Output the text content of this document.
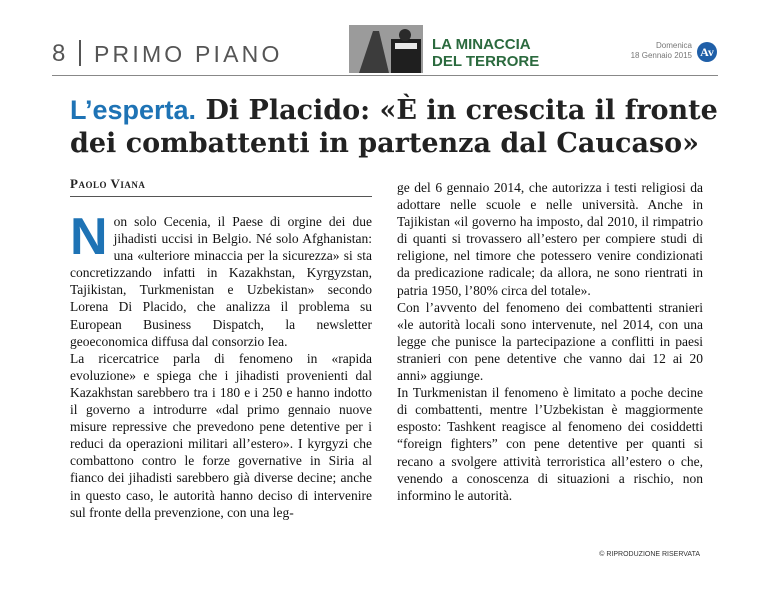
8 PRIMO PIANO	LA MINACCIA
DEL TERRORE
Domenica
18 Gennaio 2015 Av
L’esperta. Di Placido: «È in crescita il fronte dei combattenti in partenza dal Caucaso»
Paolo Viana

Non solo Cecenia, il Paese di orgine dei due jihadisti uccisi in Belgio. Né solo Afghanistan: una «ulteriore minaccia per la sicurezza» si sta concretizzando infatti in Kazakhstan, Kyrgyzstan, Tajikistan, Turkmenistan e Uzbekistan» secondo Lorena Di Placido, che analizza il problema su European Business Dispatch, la newsletter geoeconomica diffusa dal consorzio Iea.

La ricercatrice parla di fenomeno in «rapida evoluzione» e spiega che i jihadisti provenienti dal Kazakhstan sarebbero tra i 180 e i 250 e hanno indotto il governo a introdurre «dal primo gennaio nuove misure repressive che prevedono pene detentive per i reduci da operazioni militari all’estero». I kyrgyzi che combattono contro le forze governative in Siria al fianco dei jihadisti sarebbero già diverse decine; anche in questo caso, le autorità hanno deciso di intervenire sul fronte della prevenzione, con una leg-

ge del 6 gennaio 2014, che autorizza i testi religiosi da adottare nelle scuole e nelle università. Anche in Tajikistan «il governo ha imposto, dal 2010, il rimpatrio di quanti si trovassero all’estero per compiere studi di religione, nel timore che potessero venire condizionati da predicazione radicale; da allora, ne sono rientrati in patria 1950, l’80% circa del totale».

Con l’avvento del fenomeno dei combattenti stranieri «le autorità locali sono intervenute, nel 2014, con una legge che punisce la partecipazione a conflitti in paesi stranieri con pene detentive che vanno dai 12 ai 20 anni» aggiunge.

In Turkmenistan il fenomeno è limitato a poche decine di combattenti, mentre l’Uzbekistan è maggiormente esposto: Tashkent reagisce al fenomeno dei cosiddetti “foreign fighters” con pene detentive per quanti si recano a svolgere attività terroristica all’estero o che, venendo a conoscenza di situazioni a rischio, non informino le autorità.

© RIPRODUZIONE RISERVATA
